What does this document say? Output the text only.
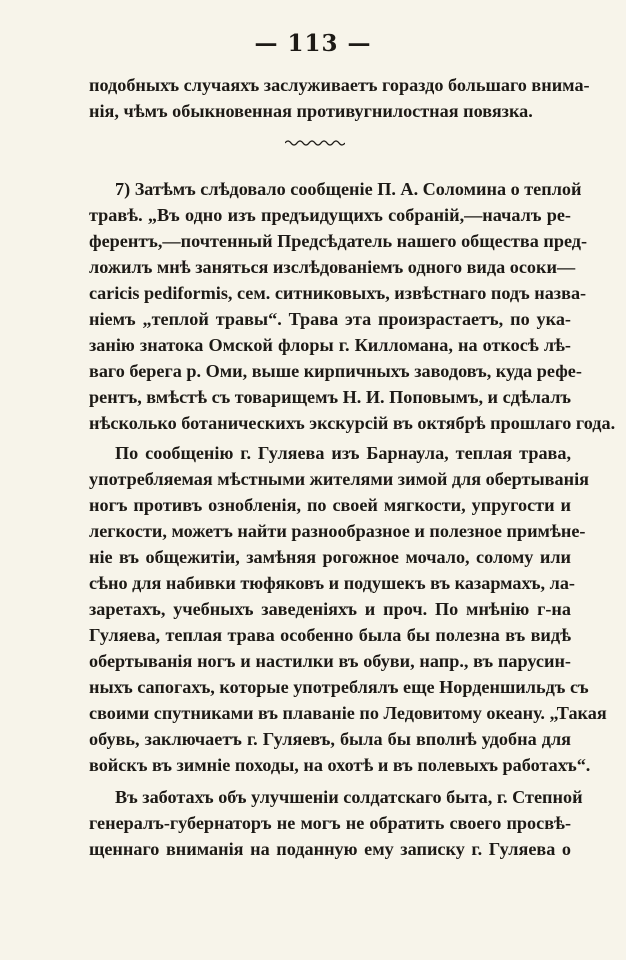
— 113 —
подобныхъ случаяхъ заслуживаетъ гораздо большаго внима-
нія, чѣмъ обыкновенная противугнилостная повязка.
7) Затѣмъ слѣдовало сообщеніе П. А. Соломина о теплой
травѣ. „Въ одно изъ предъидущихъ собраній,—началъ ре-
ферентъ,—почтенный Предсѣдатель нашего общества пред-
ложилъ мнѣ заняться изслѣдованіемъ одного вида осоки—
caricis pedіformis, сем. ситниковыхъ, извѣстнаго подъ назва-
ніемъ „теплой травы“. Трава эта произрастаетъ, по ука-
занію знатока Омской флоры г. Килломана, на откосѣ лѣ-
ваго берега р. Оми, выше кирпичныхъ заводовъ, куда рефе-
рентъ, вмѣстѣ съ товарищемъ Н. И. Поповымъ, и сдѣлалъ
нѣсколько ботаническихъ экскурсій въ октябрѣ прошлаго года.
По сообщенію г. Гуляева изъ Барнаула, теплая трава,
употребляемая мѣстными жителями зимой для обертыванія
ногъ противъ ознобленія, по своей мягкости, упругости и
легкости, можетъ найти разнообразное и полезное примѣне-
ніе въ общежитіи, замѣняя рогожное мочало, солому или
сѣно для набивки тюфяковъ и подушекъ въ казармахъ, ла-
заретахъ, учебныхъ заведеніяхъ и проч. По мнѣнію г-на
Гуляева, теплая трава особенно была бы полезна въ видѣ
обертыванія ногъ и настилки въ обуви, напр., въ парусин-
ныхъ сапогахъ, которые употреблялъ еще Норденшильдъ съ
своими спутниками въ плаваніе по Ледовитому океану. „Такая
обувь, заключаетъ г. Гуляевъ, была бы вполнѣ удобна для
войскъ въ зимніе походы, на охотѣ и въ полевыхъ работахъ“.
Въ заботахъ объ улучшеніи солдатскаго быта, г. Степной
генералъ-губернаторъ не могъ не обратить своего просвѣ-
щеннаго вниманія на поданную ему записку г. Гуляева о
